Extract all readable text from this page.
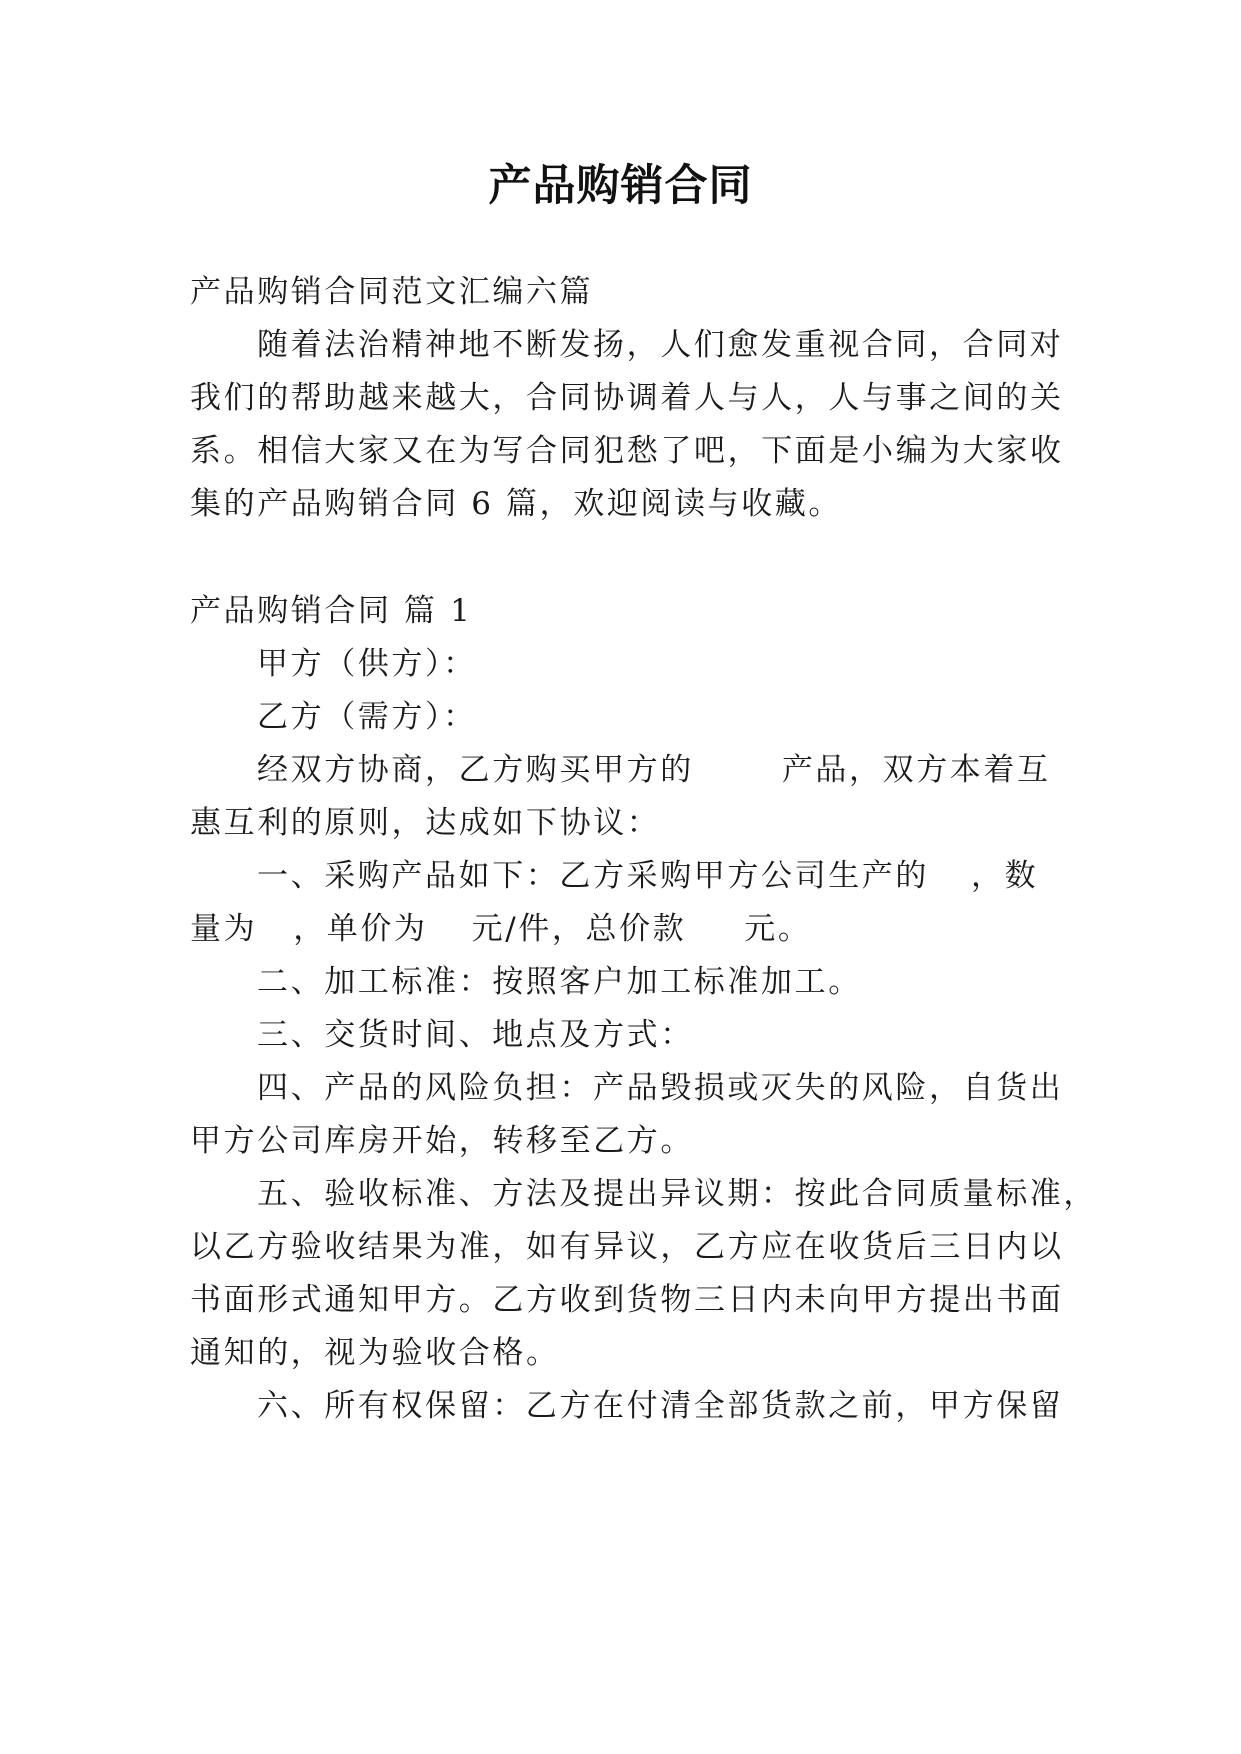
产品购销合同
产品购销合同范文汇编六篇
随着法治精神地不断发扬，人们愈发重视合同，合同对
我们的帮助越来越大，合同协调着人与人，人与事之间的关
系。相信大家又在为写合同犯愁了吧，下面是小编为大家收
集的产品购销合同 6 篇，欢迎阅读与收藏。
产品购销合同 篇 1
甲方（供方）：
乙方（需方）：
经双方协商，乙方购买甲方的	产品，双方本着互
惠互利的原则，达成如下协议：
一、采购产品如下：乙方采购甲方公司生产的 ，数
量为 ，单价为 元/件，总价款 元。
二、加工标准：按照客户加工标准加工。
三、交货时间、地点及方式：
四、产品的风险负担：产品毁损或灭失的风险，自货出
甲方公司库房开始，转移至乙方。
五、验收标准、方法及提出异议期：按此合同质量标准，
以乙方验收结果为准，如有异议，乙方应在收货后三日内以
书面形式通知甲方。乙方收到货物三日内未向甲方提出书面
通知的，视为验收合格。
六、所有权保留：乙方在付清全部货款之前，甲方保留
